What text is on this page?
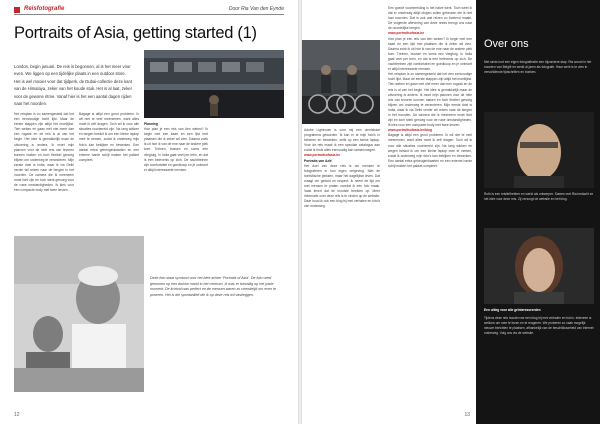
Reisfotografie	Door Ria Van den Eynde
Portraits of Asia, getting started (1)
London, begin januari. De reis is begonnen, al is het meer voor even. We liggen op een tijdelijke plaats in een outdoor store. Het is wel mooier voor dat tijdperk, de Dubai-collectie deze kant van de Himalaya, zeker van het koude stuk. Het is al laat, zeker voor de gewone ritme. Vanaf hier is het een aantal dagen rijden naar het noorden.
Het reisplan is zo samengesteld dat het een eenvoudige tocht lijkt. Maar de eerste stappen zijn altijd het moeilijkst. Tien weken en gaan met niet meer dan een rugzak en de reis is al van het begin. Het idee is gemakkelijk maar de uitvoering is anders. Ik moet mijn plannen voor de hele reis van tevoren kunnen maken en toch flexibel genoeg blijven om onderweg te veranderen. Mijn eerste doel is India, waar ik via Delhi verder wil reizen naar de bergen in het noorden. De camera die ik meeneem moet licht zijn en toch sterk genoeg voor de ruwe omstandigheden. Ik kies voor een compacte body met twee lenzen.
Bagage is altijd een groot probleem. Ik wil niet te veel meenemen, want alles moet ik zelf dragen. Toch wil ik voor alle situaties voorbereid zijn. Na lang wikken en wegen besluit ik om een kleine laptop mee te nemen, zodat ik onderweg mijn foto's kan bekijken en bewerken. Een aantal extra geheugenkaarten en een externe harde schijf maken het pakket compleet.
Planning
Hoe plan je een reis van tien weken? Ik begin met een kaart en een lijst met plaatsen die ik zeker wil zien. Daarna zoek ik uit hoe ik van de ene naar de andere plek kom. Treinen, bussen en soms een vliegtuig. In India gaat veel per trein, en dat is een belevenis op zich. De nachttreinen zijn comfortabel en goedkoop en je ontmoet er altijd interessante mensen.
Deze foto staat symbool voor het idee achter 'Portraits of Asia'. De foto werd genomen op een drukke markt in het centrum. Ik was er toevallig op het juiste moment. De lichtval was perfect en de mensen waren zo vriendelijk om even te poseren. Het is die spontaniteit die ik op deze reis wil vastleggen.
12
Adobe Lightroom is voor mij een onmisbaar programma geworden. Ik kan er al mijn foto's in beheren en bewerken, zelfs op een kleine laptop. Voor de reis maak ik een speciale catalogus aan zodat ik thuis alles eenvoudig kan samenvoegen.
www.portraitsofasia.be
Portraits van Azië
Het doel van deze reis is om mensen te fotograferen in hun eigen omgeving. Niet de toeristische plekken, maar het dagelijkse leven. Dat vraagt om geduld en respect. Ik neem de tijd om met mensen te praten voordat ik een foto maak. Vaak levert dat de mooiste beelden op. Meer informatie over deze reis is te vinden op de website. Daar houd ik ook een blog bij met verhalen en foto's van onderweg.
Een goede voorbereiding is het halve werk. Toch weet ik dat er onderweg altijd dingen zullen gebeuren die ik niet had voorzien. Dat is ook wat reizen zo boeiend maakt. De volgende aflevering van deze reeks brengt ons naar de noordelijke bergen.
www.portraitsofasia.be
Hoe plan je een reis van tien weken? Ik begin met een kaart en een lijst met plaatsen die ik zeker wil zien. Daarna zoek ik uit hoe ik van de ene naar de andere plek kom. Treinen, bussen en soms een vliegtuig. In India gaat veel per trein, en dat is een belevenis op zich. De nachttreinen zijn comfortabel en goedkoop en je ontmoet er altijd interessante mensen.
Het reisplan is zo samengesteld dat het een eenvoudige tocht lijkt. Maar de eerste stappen zijn altijd het moeilijkst. Tien weken en gaan met niet meer dan een rugzak en de reis is al van het begin. Het idee is gemakkelijk maar de uitvoering is anders. Ik moet mijn plannen voor de hele reis van tevoren kunnen maken en toch flexibel genoeg blijven om onderweg te veranderen. Mijn eerste doel is India, waar ik via Delhi verder wil reizen naar de bergen in het noorden. De camera die ik meeneem moet licht zijn en toch sterk genoeg voor de ruwe omstandigheden. Ik kies voor een compacte body met twee lenzen.
www.portraitsofasia.be/blog
Bagage is altijd een groot probleem. Ik wil niet te veel meenemen, want alles moet ik zelf dragen. Toch wil ik voor alle situaties voorbereid zijn. Na lang wikken en wegen besluit ik om een kleine laptop mee te nemen, zodat ik onderweg mijn foto's kan bekijken en bewerken. Een aantal extra geheugenkaarten en een externe harde schijf maken het pakket compleet.
13
Over ons
Met sinds kort een eigen fotografiesite een bijzondere stap. Ria woont in het noorden van België en werkt al jaren als fotografe. Haar werk is te zien in verschillende tijdschriften en boeken.
Ruth is een reisliefhebber en werkt als ontwerper. Samen met Ria bedacht ze het idee voor deze reis. Zij verzorgt de website en het blog.
Een uitleg voor alle geïnteresseerden
Tijdens deze reis houden we een blog bij met verhalen en foto's. Iedereen is welkom om mee te lezen en te reageren. We proberen zo vaak mogelijk nieuwe berichten te plaatsen, afhankelijk van de beschikbaarheid van internet onderweg. Volg ons via de website.
